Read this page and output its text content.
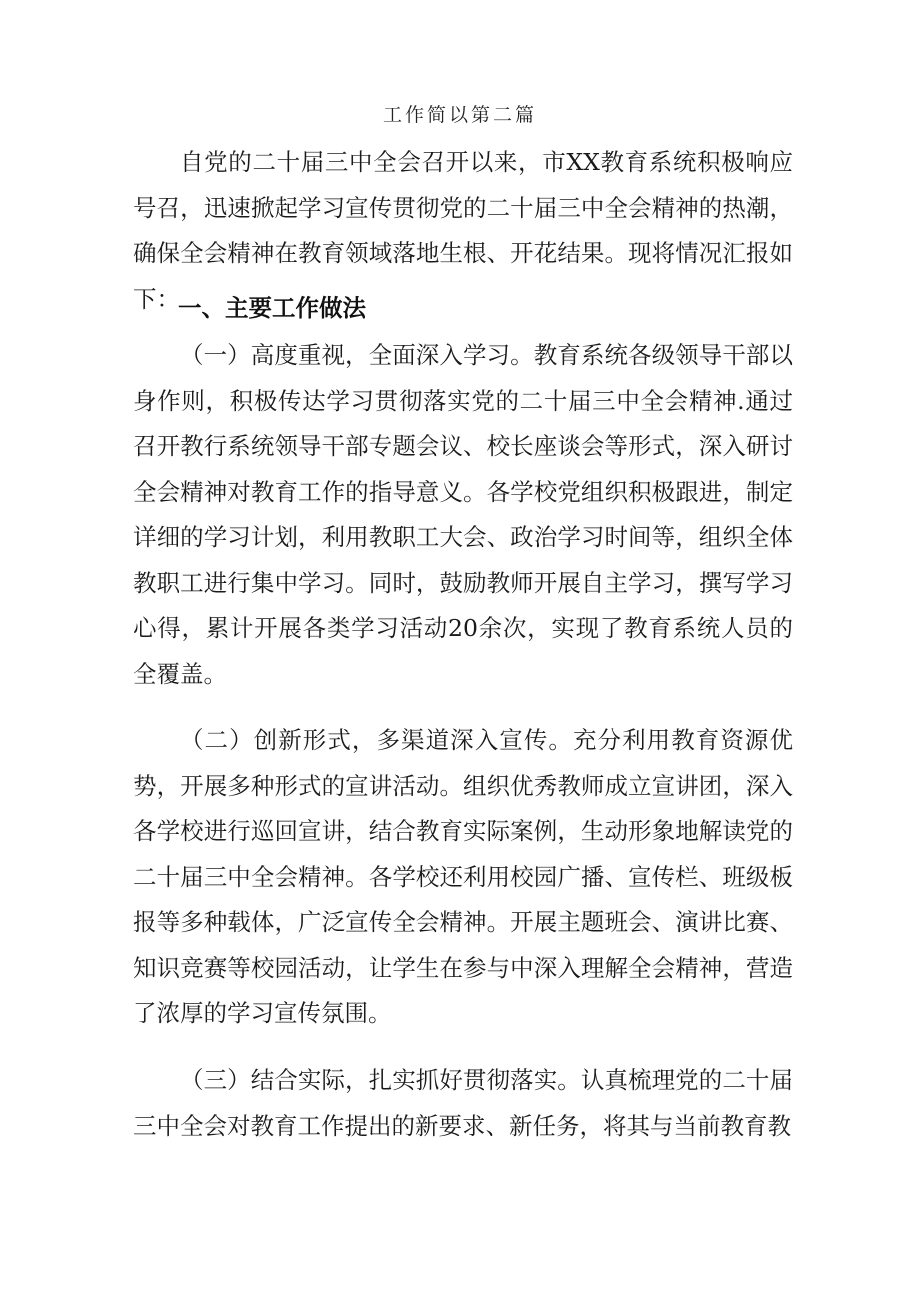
工作简以第二篇

自党的二十届三中全会召开以来，市XX教育系统积极响应号召，迅速掀起学习宣传贯彻党的二十届三中全会精神的热潮，确保全会精神在教育领域落地生根、开花结果。现将情况汇报如下：

一、主要工作做法

（一）高度重视，全面深入学习。教育系统各级领导干部以身作则，积极传达学习贯彻落实党的二十届三中全会精神.通过召开教行系统领导干部专题会议、校长座谈会等形式，深入研讨全会精神对教育工作的指导意义。各学校党组织积极跟进，制定详细的学习计划，利用教职工大会、政治学习时间等，组织全体教职工进行集中学习。同时，鼓励教师开展自主学习，撰写学习心得，累计开展各类学习活动20余次，实现了教育系统人员的全覆盖。

（二）创新形式，多渠道深入宣传。充分利用教育资源优势，开展多种形式的宣讲活动。组织优秀教师成立宣讲团，深入各学校进行巡回宣讲，结合教育实际案例，生动形象地解读党的二十届三中全会精神。各学校还利用校园广播、宣传栏、班级板报等多种载体，广泛宣传全会精神。开展主题班会、演讲比赛、知识竞赛等校园活动，让学生在参与中深入理解全会精神，营造了浓厚的学习宣传氛围。

（三）结合实际，扎实抓好贯彻落实。认真梳理党的二十届三中全会对教育工作提出的新要求、新任务，将其与当前教育教
